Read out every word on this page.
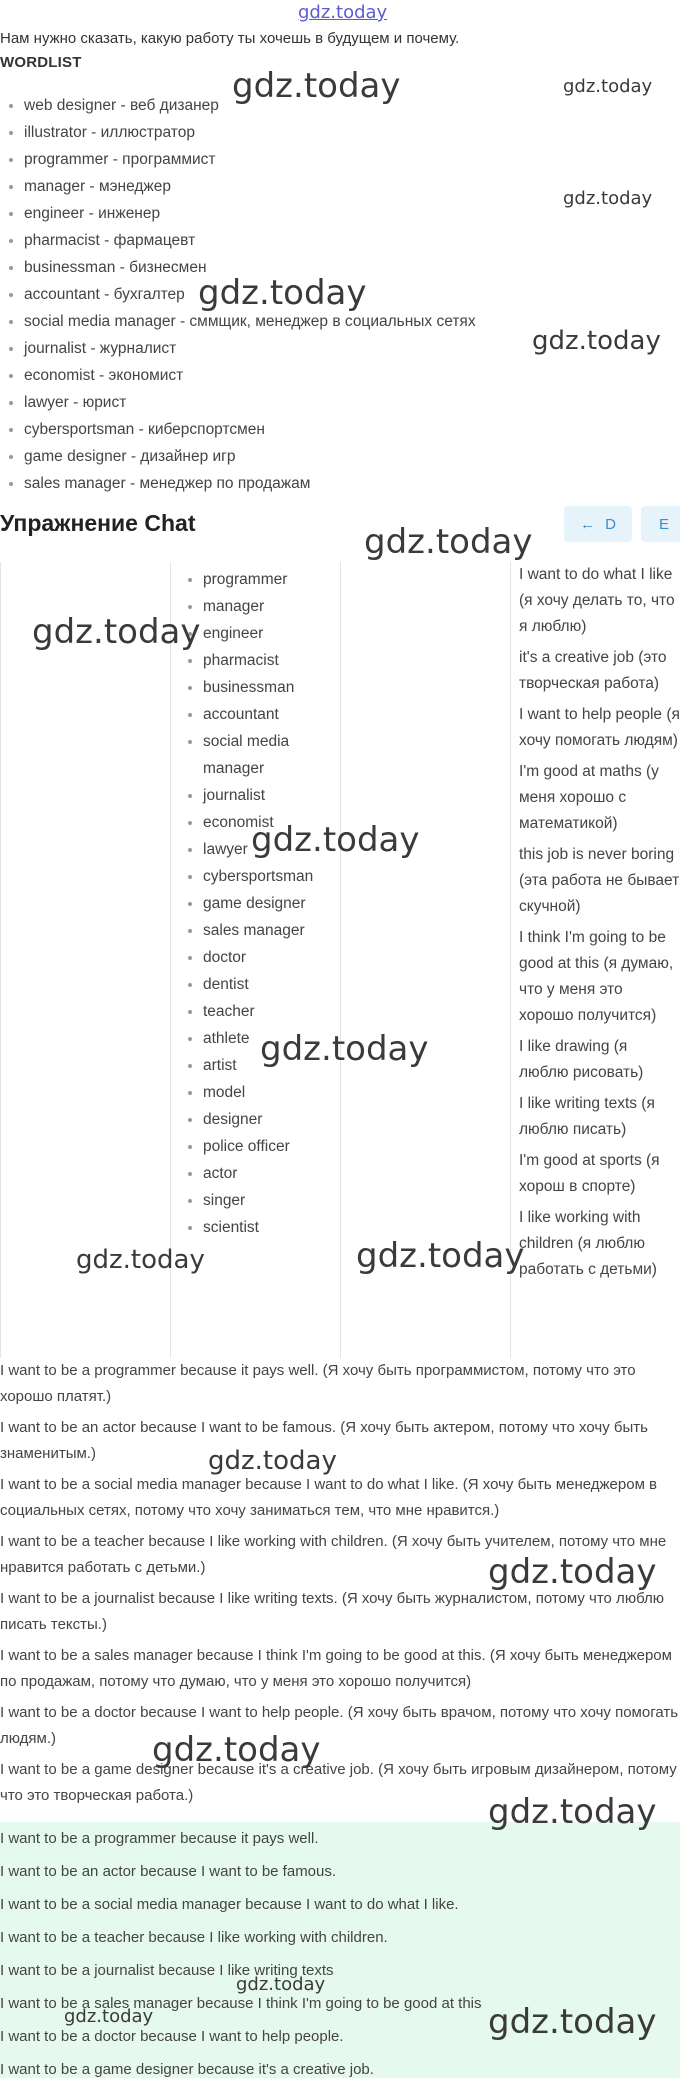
gdz.today
Нам нужно сказать, какую работу ты хочешь в будущем и почему.
WORDLIST
• web designer - веб дизанер
• illustrator - иллюстратор
• programmer - программист
• manager - мэнеджер
• engineer - инженер
• pharmacist - фармацевт
• businessman - бизнесмен
• accountant - бухгалтер
• social media manager - сммщик, менеджер в социальных сетях
• journalist - журналист
• economist - экономист
• lawyer - юрист
• cybersportsman - киберспортсмен
• game designer - дизайнер игр
• sales manager - менеджер по продажам
Упражнение Chat	← D	E
• programmer
• manager
• engineer
• pharmacist
• businessman
• accountant
• social media manager
• journalist
• economist
• lawyer
• cybersportsman
• game designer
• sales manager
• doctor
• dentist
• teacher
• athlete
• artist
• model
• designer
• police officer
• actor
• singer
• scientist
I want to do what I like (я хочу делать то, что я люблю)
it's a creative job (это творческая работа)
I want to help people (я хочу помогать людям)
I'm good at maths (у меня хорошо с математикой)
this job is never boring (эта работа не бывает скучной)
I think I'm going to be good at this (я думаю, что у меня это хорошо получится)
I like drawing (я люблю рисовать)
I like writing texts (я люблю писать)
I'm good at sports (я хорош в спорте)
I like working with children (я люблю работать с детьми)

I want to be a programmer because it pays well. (Я хочу быть программистом, потому что это хорошо платят.)

I want to be an actor because I want to be famous. (Я хочу быть актером, потому что хочу быть знаменитым.)

I want to be a social media manager because I want to do what I like. (Я хочу быть менеджером в социальных сетях, потому что хочу заниматься тем, что мне нравится.)

I want to be a teacher because I like working with children. (Я хочу быть учителем, потому что мне нравится работать с детьми.)

I want to be a journalist because I like writing texts. (Я хочу быть журналистом, потому что люблю писать тексты.)

I want to be a sales manager because I think I'm going to be good at this. (Я хочу быть менеджером по продажам, потому что думаю, что у меня это хорошо получится)

I want to be a doctor because I want to help people. (Я хочу быть врачом, потому что хочу помогать людям.)

I want to be a game designer because it's a creative job. (Я хочу быть игровым дизайнером, потому что это творческая работа.)

I want to be a programmer because it pays well.

I want to be an actor because I want to be famous.

I want to be a social media manager because I want to do what I like.

I want to be a teacher because I like working with children.

I want to be a journalist because I like writing texts

I want to be a sales manager because I think I'm going to be good at this

I want to be a doctor because I want to help people.

I want to be a game designer because it's a creative job.

gdz.today	gdz.today
gdz.today
gdz.today
gdz.today
gdz.today
gdz.today
gdz.today
gdz.today
gdz.today	gdz.today
gdz.today
gdz.today
gdz.today
gdz.today
gdz.today
gdz.today	gdz.today
